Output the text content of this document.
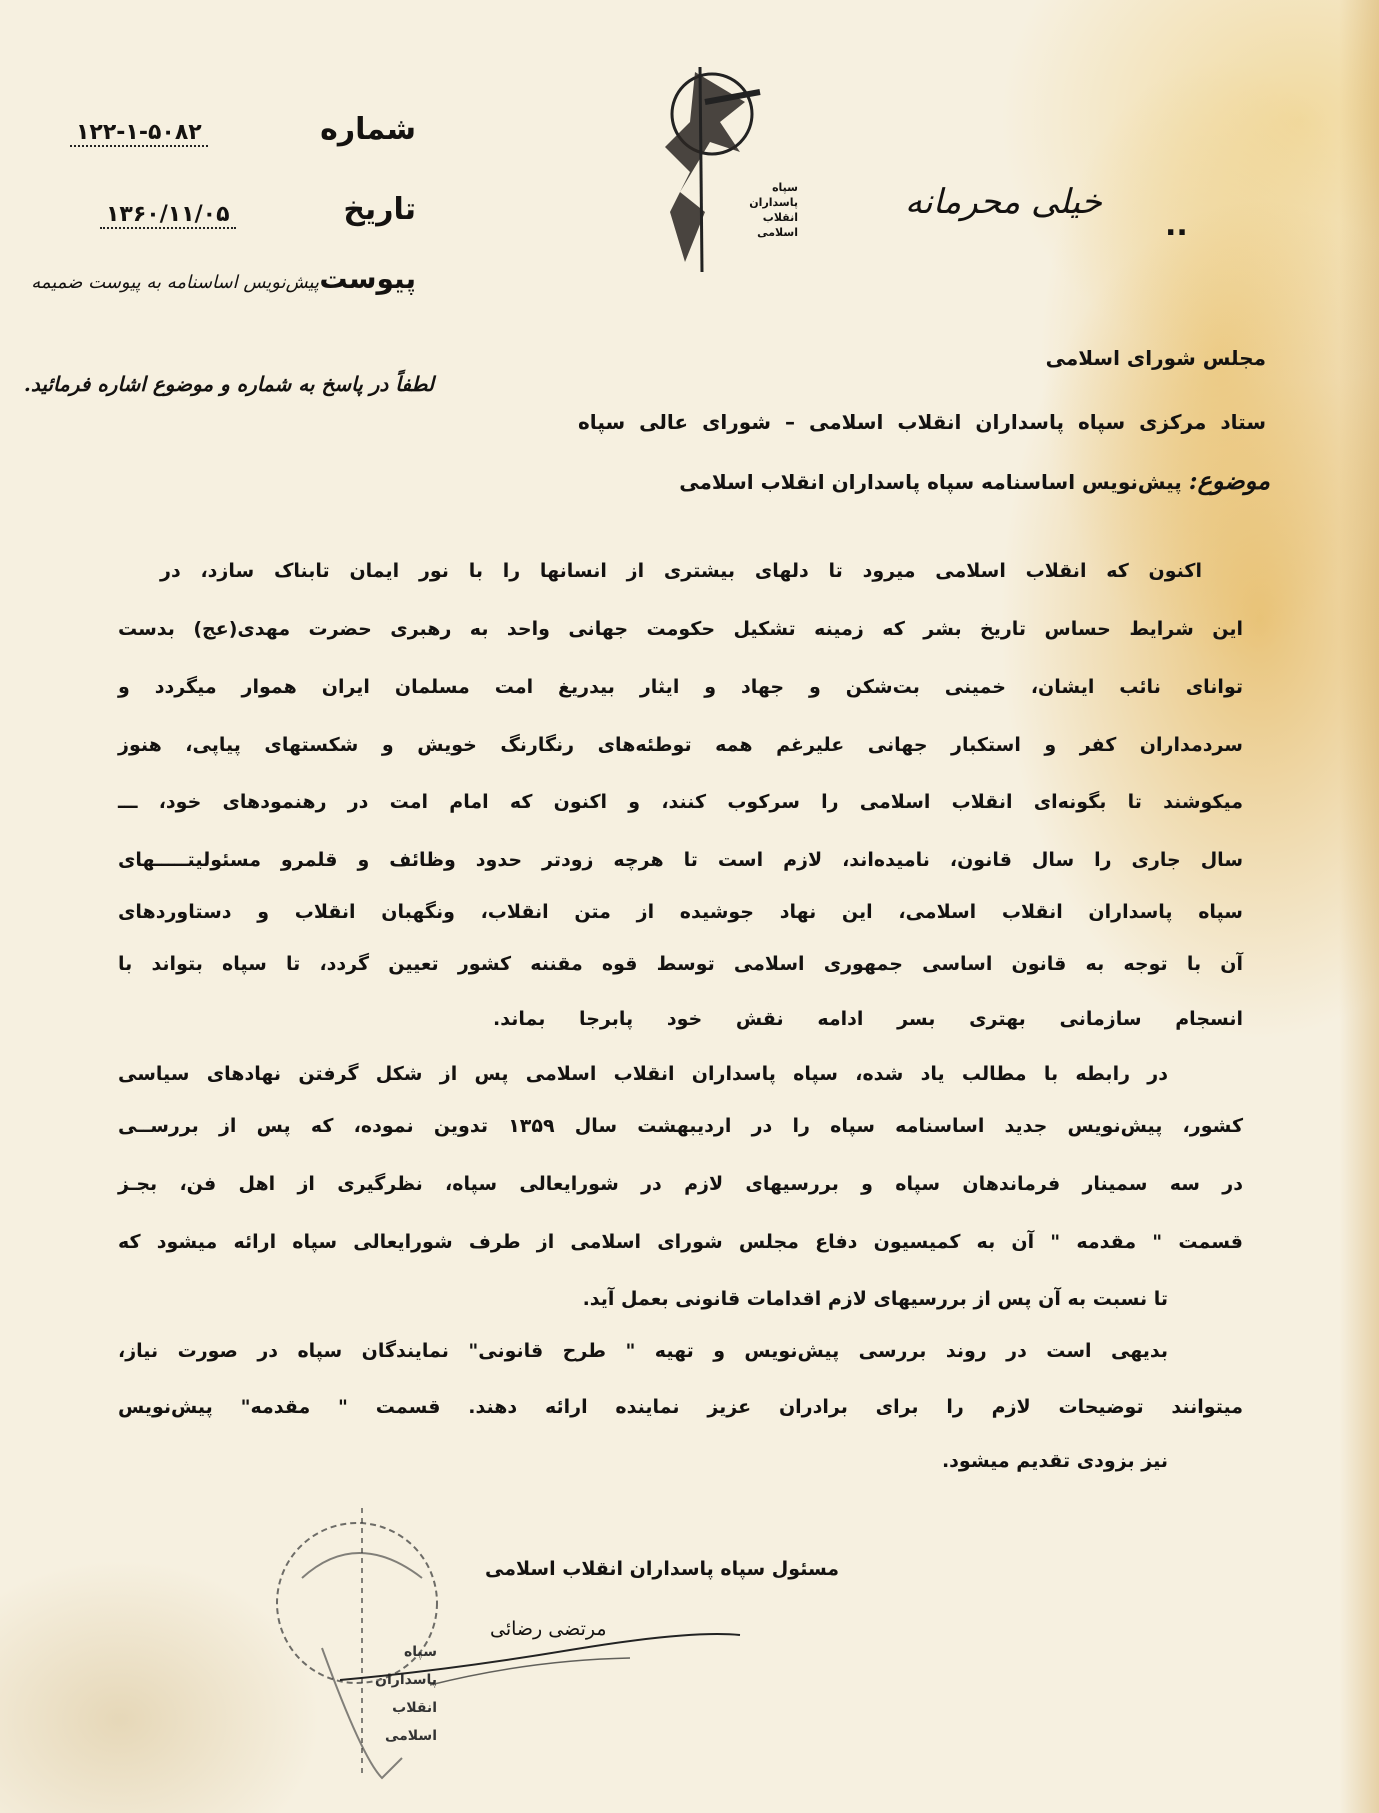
شماره
۱۲۲-۱-۵۰۸۲
تاریخ
۱۳۶۰/۱۱/۰۵
پیوست
پیش‌نویس اساسنامه به پیوست ضمیمه
لطفاً در پاسخ به شماره و موضوع اشاره فرمائید.
سپاه پاسداران انقلاب اسلامی
خیلی محرمانه
..
مجلس شورای اسلامی
ستاد مرکزی سپاه پاسداران انقلاب اسلامی – شورای عالی سپاه
موضوع: پیش‌نویس اساسنامه سپاه پاسداران انقلاب اسلامی
اکنون که انقلاب اسلامی میرود تا دلهای بیشتری از انسانها را با نور ایمان تابناک سازد، در
این شرایط حساس تاریخ بشر که زمینه تشکیل حکومت جهانی واحد به رهبری حضرت مهدی(عج) بدست
توانای نائب ایشان، خمینی بت‌شکن و جهاد و ایثار بیدریغ امت مسلمان ایران هموار میگردد و
سردمداران کفر و استکبار جهانی علیرغم همه توطئه‌های رنگارنگ خویش و شکستهای پیاپی، هنوز
میکوشند تا بگونه‌ای انقلاب اسلامی را سرکوب کنند، و اکنون که امام امت در رهنمودهای خود، ـــ
سال جاری را سال قانون، نامیده‌اند، لازم است تا هرچه زودتر حدود وظائف و قلمرو مسئولیتـــــهای
سپاه پاسداران انقلاب اسلامی، این نهاد جوشیده از متن انقلاب، ونگهبان انقلاب و دستاوردهای
آن با توجه به قانون اساسی جمهوری اسلامی توسط قوه مقننه کشور تعیین گردد، تا سپاه بتواند با
انسجام سازمانی بهتری بسر ادامه نقش خود پابرجا بماند.
در رابطه با مطالب یاد شده، سپاه پاسداران انقلاب اسلامی پس از شکل گرفتن نهادهای سیاسی
کشور، پیش‌نویس جدید اساسنامه سپاه را در اردیبهشت سال ۱۳۵۹ تدوین نموده، که پس از بررســی
در سه سمینار فرماندهان سپاه و بررسیهای لازم در شورایعالی سپاه، نظرگیری از اهل فن، بجـز
قسمت " مقدمه " آن به کمیسیون دفاع مجلس شورای اسلامی از طرف شورایعالی سپاه ارائه میشود که
تا نسبت به آن پس از بررسیهای لازم اقدامات قانونی بعمل آید.
بدیهی است در روند بررسی پیش‌نویس و تهیه " طرح قانونی" نمایندگان سپاه در صورت نیاز،
میتوانند توضیحات لازم را برای برادران عزیز نماینده ارائه دهند. قسمت " مقدمه" پیش‌نویس
نیز بزودی تقدیم میشود.
سپاه پاسداران انقلاب اسلامی
مسئول سپاه پاسداران انقلاب اسلامی
مرتضی رضائی
